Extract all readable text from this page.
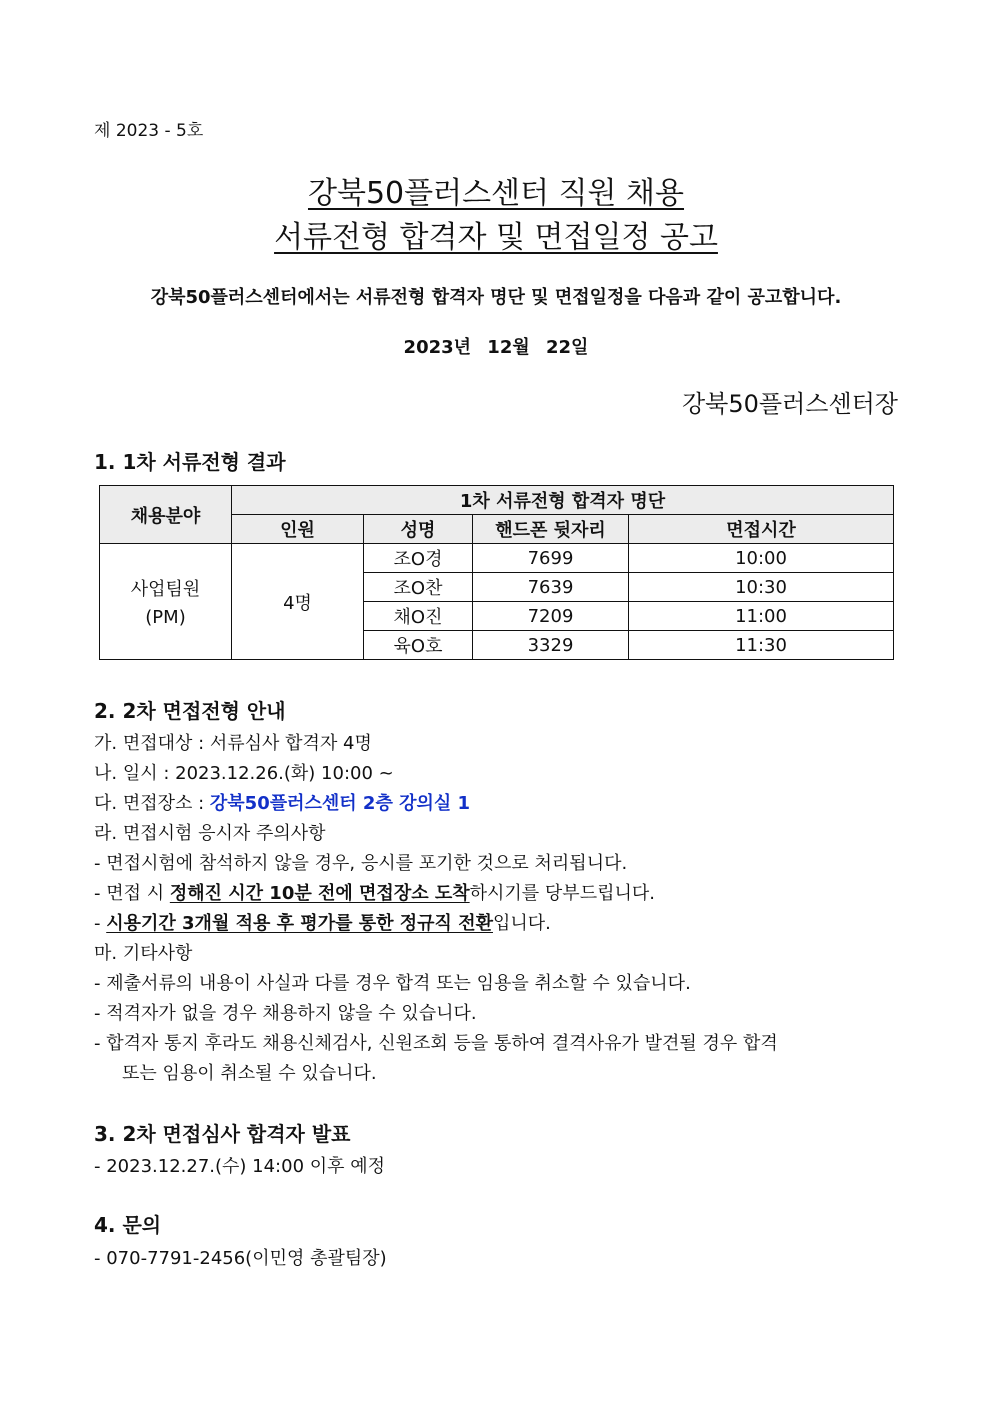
제 2023 - 5호
강북50플러스센터 직원 채용
서류전형 합격자 및 면접일정 공고
강북50플러스센터에서는 서류전형 합격자 명단 및 면접일정을 다음과 같이 공고합니다.
2023년 12월 22일
강북50플러스센터장
1. 1차 서류전형 결과
채용분야	1차 서류전형 합격자 명단			
	인원	성명	핸드폰 뒷자리	면접시간

사업팀원
(PM)	4명	조O경	7699	10:00
		조O찬	7639	10:30
		채O진	7209	11:00
		육O호	3329	11:30
2. 2차 면접전형 안내
가. 면접대상 : 서류심사 합격자 4명
나. 일시 : 2023.12.26.(화) 10:00 ~
다. 면접장소 : 강북50플러스센터 2층 강의실 1
라. 면접시험 응시자 주의사항
- 면접시험에 참석하지 않을 경우, 응시를 포기한 것으로 처리됩니다.
- 면접 시 정해진 시간 10분 전에 면접장소 도착하시기를 당부드립니다.
- 시용기간 3개월 적용 후 평가를 통한 정규직 전환입니다.
마. 기타사항
- 제출서류의 내용이 사실과 다를 경우 합격 또는 임용을 취소할 수 있습니다.
- 적격자가 없을 경우 채용하지 않을 수 있습니다.
- 합격자 통지 후라도 채용신체검사, 신원조회 등을 통하여 결격사유가 발견될 경우 합격
또는 임용이 취소될 수 있습니다.
3. 2차 면접심사 합격자 발표
- 2023.12.27.(수) 14:00 이후 예정
4. 문의
- 070-7791-2456(이민영 총괄팀장)
